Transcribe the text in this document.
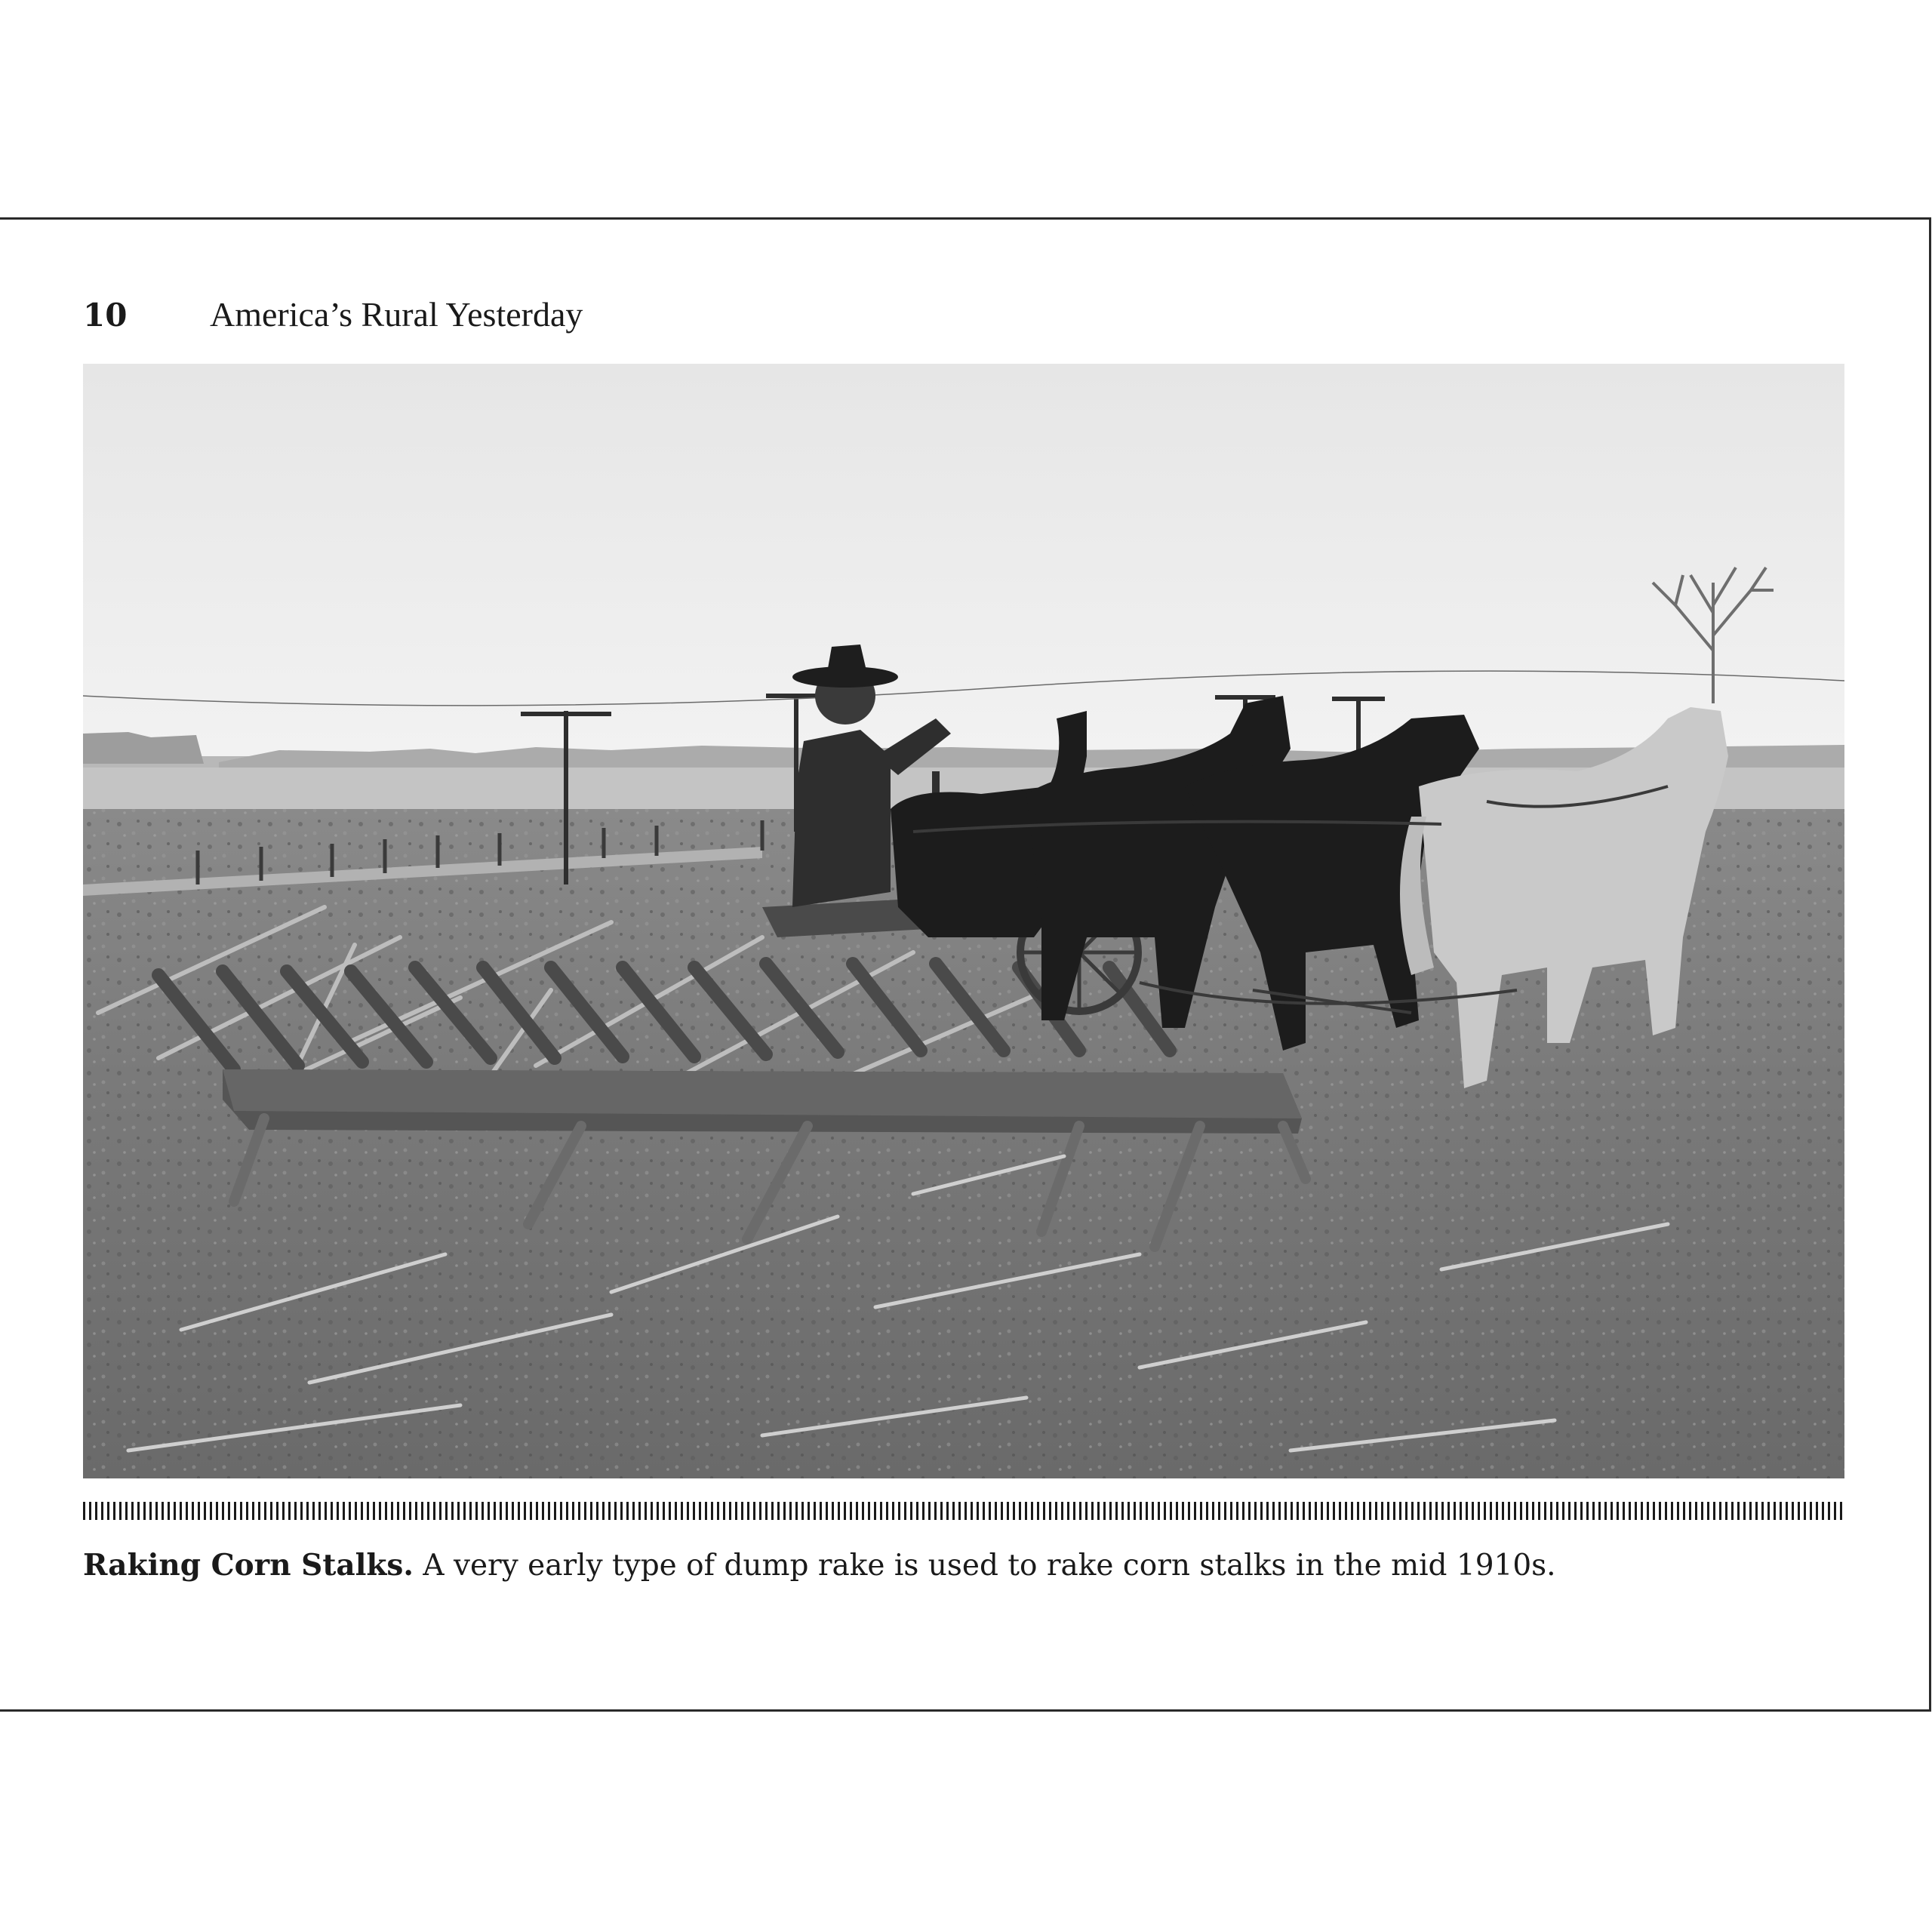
10	America’s Rural Yesterday
Raking Corn Stalks. A very early type of dump rake is used to rake corn stalks in the mid 1910s.
